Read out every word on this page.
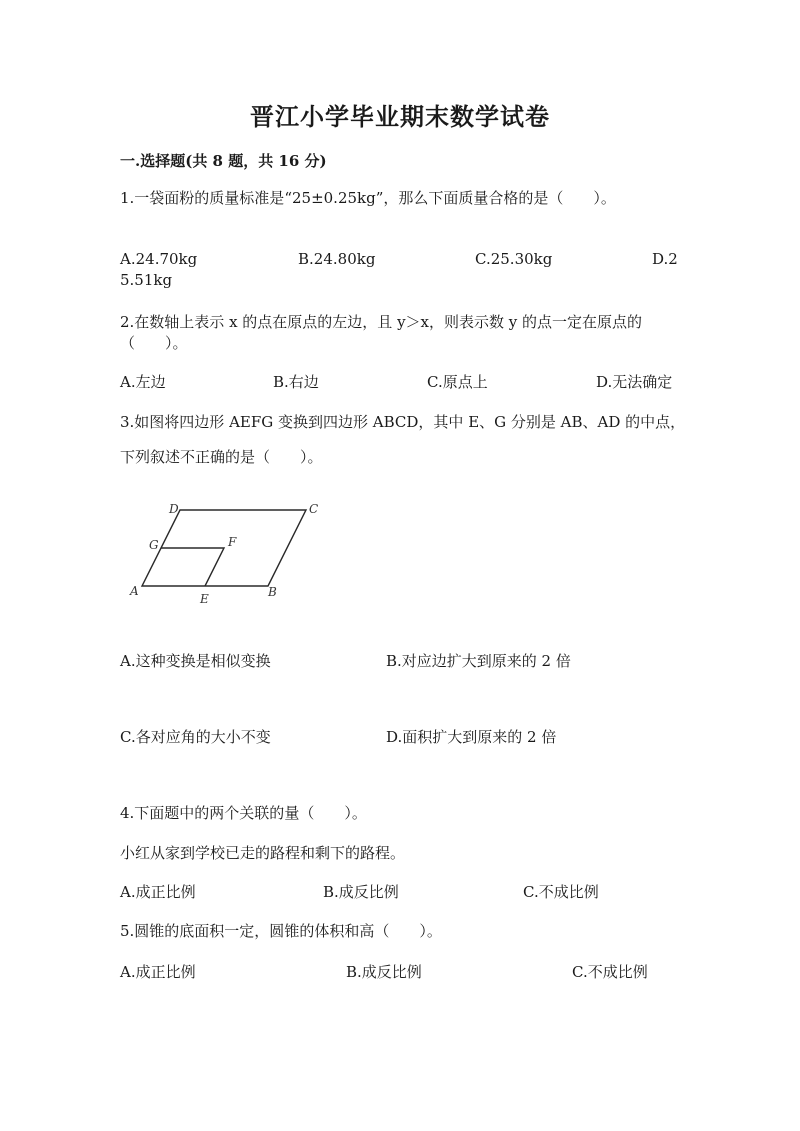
晋江小学毕业期末数学试卷
一.选择题(共 8 题，共 16 分)
1.一袋面粉的质量标准是“25±0.25kg”，那么下面质量合格的是（　　）。
A.24.70kg	B.24.80kg	C.25.30kg	D.2
5.51kg
2.在数轴上表示 x 的点在原点的左边，且 y＞x，则表示数 y 的点一定在原点的
（　　）。
A.左边	B.右边	C.原点上	D.无法确定
3.如图将四边形 AEFG 变换到四边形 ABCD，其中 E、G 分别是 AB、AD 的中点，
下列叙述不正确的是（　　）。
D	C
G	F
A
E	B
A.这种变换是相似变换	B.对应边扩大到原来的 2 倍
C.各对应角的大小不变	D.面积扩大到原来的 2 倍
4.下面题中的两个关联的量（　　）。
小红从家到学校已走的路程和剩下的路程。
A.成正比例	B.成反比例	C.不成比例
5.圆锥的底面积一定，圆锥的体积和高（　　）。
A.成正比例	B.成反比例	C.不成比例
